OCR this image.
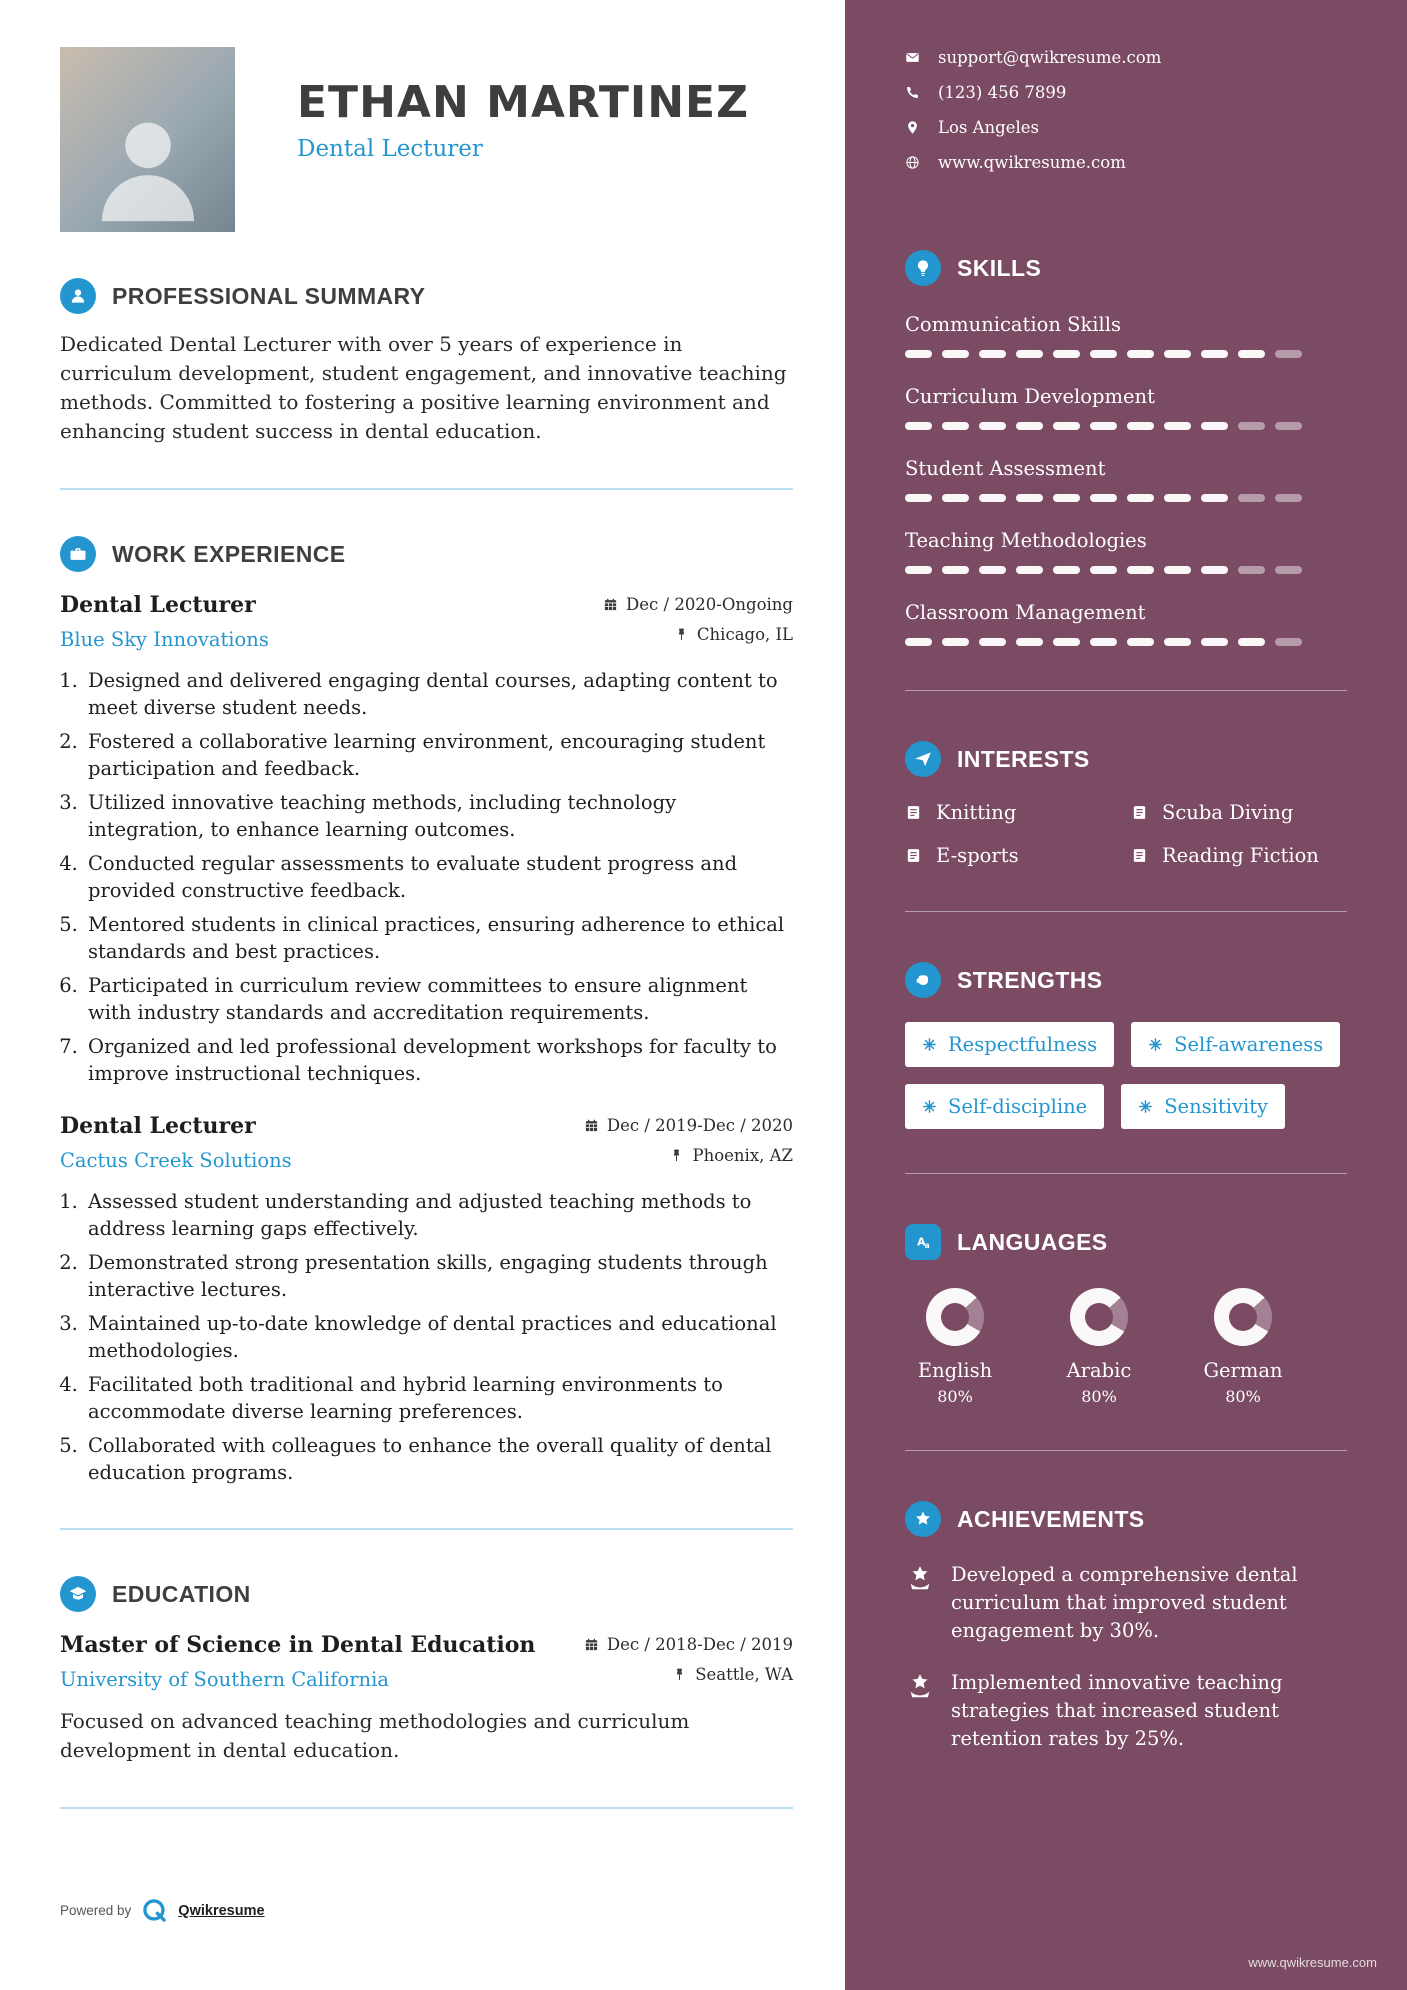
ETHAN MARTINEZ
Dental Lecturer
PROFESSIONAL SUMMARY

Dedicated Dental Lecturer with over 5 years of experience in curriculum development, student engagement, and innovative teaching methods. Committed to fostering a positive learning environment and enhancing student success in dental education.

WORK EXPERIENCE
Dental Lecturer
Blue Sky Innovations
Dec / 2020-Ongoing
Chicago, IL
1. Designed and delivered engaging dental courses, adapting content to meet diverse student needs.
2. Fostered a collaborative learning environment, encouraging student participation and feedback.
3. Utilized innovative teaching methods, including technology integration, to enhance learning outcomes.
4. Conducted regular assessments to evaluate student progress and provided constructive feedback.
5. Mentored students in clinical practices, ensuring adherence to ethical standards and best practices.
6. Participated in curriculum review committees to ensure alignment with industry standards and accreditation requirements.
7. Organized and led professional development workshops for faculty to improve instructional techniques.
Dental Lecturer
Cactus Creek Solutions
Dec / 2019-Dec / 2020
Phoenix, AZ
1. Assessed student understanding and adjusted teaching methods to address learning gaps effectively.
2. Demonstrated strong presentation skills, engaging students through interactive lectures.
3. Maintained up-to-date knowledge of dental practices and educational methodologies.
4. Facilitated both traditional and hybrid learning environments to accommodate diverse learning preferences.
5. Collaborated with colleagues to enhance the overall quality of dental education programs.
EDUCATION
Master of Science in Dental Education
University of Southern California
Dec / 2018-Dec / 2019
Seattle, WA

Focused on advanced teaching methodologies and curriculum development in dental education.

Powered by	Qwikresume
support@qwikresume.com
(123) 456 7899
Los Angeles
www.qwikresume.com
SKILLS
Communication Skills
Curriculum Development
Student Assessment
Teaching Methodologies
Classroom Management
INTERESTS
Knitting	Scuba Diving
E-sports	Reading Fiction
STRENGTHS
Respectfulness	Self-awareness
Self-discipline	Sensitivity
A a LANGUAGES
English
80%
Arabic
80%
German
80%
ACHIEVEMENTS
Developed a comprehensive dental curriculum that improved student engagement by 30%.
Implemented innovative teaching strategies that increased student retention rates by 25%.
www.qwikresume.com
